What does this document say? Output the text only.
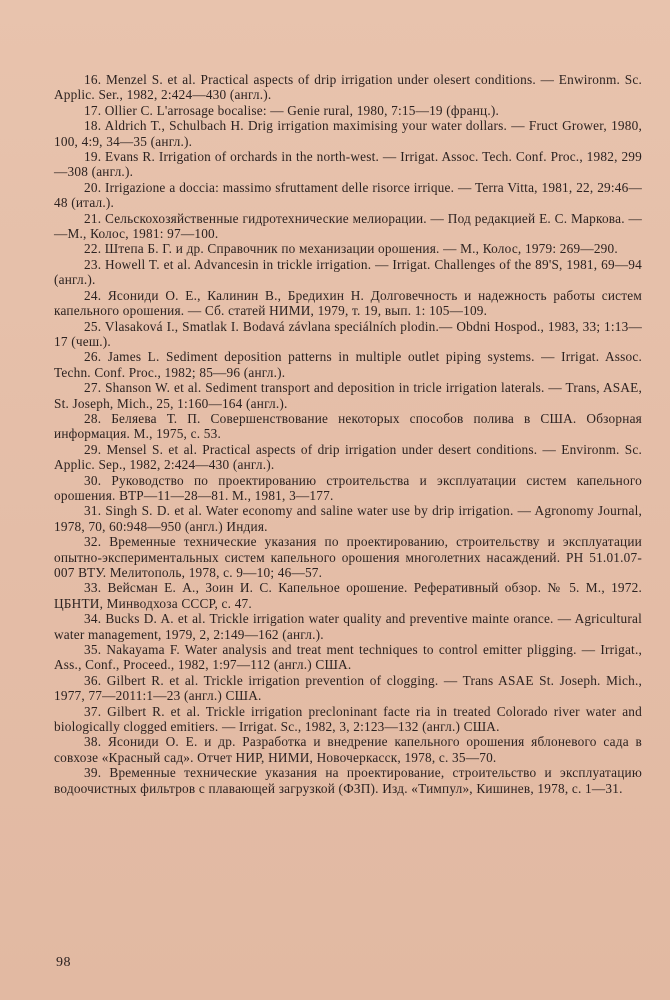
16. Menzel S. et al. Practical aspects of drip irrigation under olesert conditions. — Enwironm. Sc. Applic. Ser., 1982, 2:424—430 (англ.).

17. Ollier C. L'arrosage bocalise: — Genie rural, 1980, 7:15—19 (франц.).

18. Aldrich T., Schulbach H. Drig irrigation maximising your water dollars. — Fruct Grower, 1980, 100, 4:9, 34—35 (англ.).

19. Evans R. Irrigation of orchards in the north-west. — Irrigat. Assoc. Tech. Conf. Proc., 1982, 299—308 (англ.).

20. Irrigazione a doccia: massimo sfruttament delle risorce irrique. — Terra Vitta, 1981, 22, 29:46—48 (итал.).

21. Сельскохозяйственные гидротехнические мелиорации. — Под редакцией Е. С. Маркова. — —М., Колос, 1981: 97—100.

22. Штепа Б. Г. и др. Справочник по механизации орошения. — М., Колос, 1979: 269—290.

23. Howell T. et al. Advancesin in trickle irrigation. — Irrigat. Challenges of the 89'S, 1981, 69—94 (англ.).

24. Ясониди О. Е., Калинин В., Бредихин Н. Долговечность и надежность работы систем капельного орошения. — Сб. статей НИМИ, 1979, т. 19, вып. 1: 105—109.

25. Vlasaková I., Smatlak I. Bodavá závlana speciálních plodin.— Obdni Hospod., 1983, 33; 1:13—17 (чеш.).

26. James L. Sediment deposition patterns in multiple outlet piping systems. — Irrigat. Assoc. Techn. Conf. Proc., 1982; 85—96 (англ.).

27. Shanson W. et al. Sediment transport and deposition in tricle irrigation laterals. — Trans, ASAE, St. Joseph, Mich., 25, 1:160—164 (англ.).

28. Беляева Т. П. Совершенствование некоторых способов полива в США. Обзорная информация. М., 1975, с. 53.

29. Mensel S. et al. Practical aspects of drip irrigation under desert conditions. — Environm. Sc. Applic. Sep., 1982, 2:424—430 (англ.).

30. Руководство по проектированию строительства и эксплуатации систем капельного орошения. ВТР—11—28—81. М., 1981, 3—177.

31. Singh S. D. et al. Water economy and saline water use by drip irrigation. — Agronomy Journal, 1978, 70, 60:948—950 (англ.) Индия.

32. Временные технические указания по проектированию, строительству и эксплуатации опытно-экспериментальных систем капельного орошения многолетних насаждений. РН 51.01.07-007 ВТУ. Мелитополь, 1978, с. 9—10; 46—57.

33. Вейсман Е. А., Зоин И. С. Капельное орошение. Реферативный обзор. № 5. М., 1972. ЦБНТИ, Минводхоза СССР, с. 47.

34. Bucks D. A. et al. Trickle irrigation water quality and preventive mainte orance. — Agricultural water management, 1979, 2, 2:149—162 (англ.).

35. Nakayama F. Water analysis and treat ment techniques to control emitter pligging. — Irrigat., Ass., Conf., Proceed., 1982, 1:97—112 (англ.) США.

36. Gilbert R. et al. Trickle irrigation prevention of clogging. — Trans ASAE St. Joseph. Mich., 1977, 77—2011:1—23 (англ.) США.

37. Gilbert R. et al. Trickle irrigation precloninant facte ria in treated Colorado river water and biologically clogged emitiers. — Irrigat. Sc., 1982, 3, 2:123—132 (англ.) США.

38. Ясониди О. Е. и др. Разработка и внедрение капельного орошения яблоневого сада в совхозе «Красный сад». Отчет НИР, НИМИ, Новочеркасск, 1978, с. 35—70.

39. Временные технические указания на проектирование, строительство и эксплуатацию водоочистных фильтров с плавающей загрузкой (ФЗП). Изд. «Тимпул», Кишинев, 1978, с. 1—31.

98
